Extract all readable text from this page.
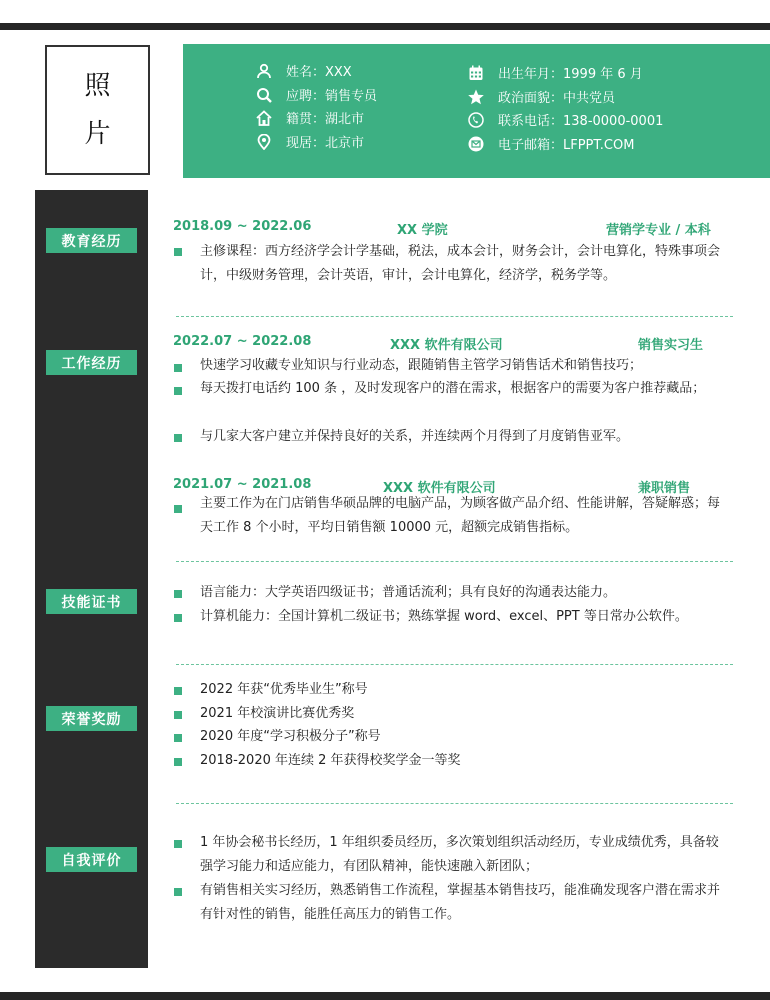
照
片
姓名：XXX
应聘：销售专员
籍贯：湖北市
现居：北京市
出生年月：1999 年 6 月
政治面貌：中共党员
联系电话：138-0000-0001
电子邮箱：LFPPT.COM
教育经历
工作经历
技能证书
荣誉奖励
自我评价
2018.09 ~ 2022.06	XX 学院	营销学专业 / 本科
主修课程：西方经济学会计学基础，税法，成本会计，财务会计，会计电算化，特殊事项会计，中级财务管理，会计英语，审计，会计电算化，经济学，税务学等。
2022.07 ~ 2022.08	XXX 软件有限公司	销售实习生
快速学习收藏专业知识与行业动态，跟随销售主管学习销售话术和销售技巧；
每天拨打电话约 100 条 ，及时发现客户的潜在需求，根据客户的需要为客户推荐藏品；
与几家大客户建立并保持良好的关系，并连续两个月得到了月度销售亚军。
2021.07 ~ 2021.08	XXX 软件有限公司	兼职销售
主要工作为在门店销售华硕品牌的电脑产品，为顾客做产品介绍、性能讲解，答疑解惑；每天工作 8 个小时，平均日销售额 10000 元，超额完成销售指标。
语言能力：大学英语四级证书；普通话流利；具有良好的沟通表达能力。
计算机能力：全国计算机二级证书；熟练掌握 word、excel、PPT 等日常办公软件。
2022 年获“优秀毕业生”称号
2021 年校演讲比赛优秀奖
2020 年度“学习积极分子”称号
2018-2020 年连续 2 年获得校奖学金一等奖
1 年协会秘书长经历，1 年组织委员经历，多次策划组织活动经历，专业成绩优秀，具备较强学习能力和适应能力，有团队精神，能快速融入新团队；
有销售相关实习经历，熟悉销售工作流程，掌握基本销售技巧，能准确发现客户潜在需求并有针对性的销售，能胜任高压力的销售工作。
